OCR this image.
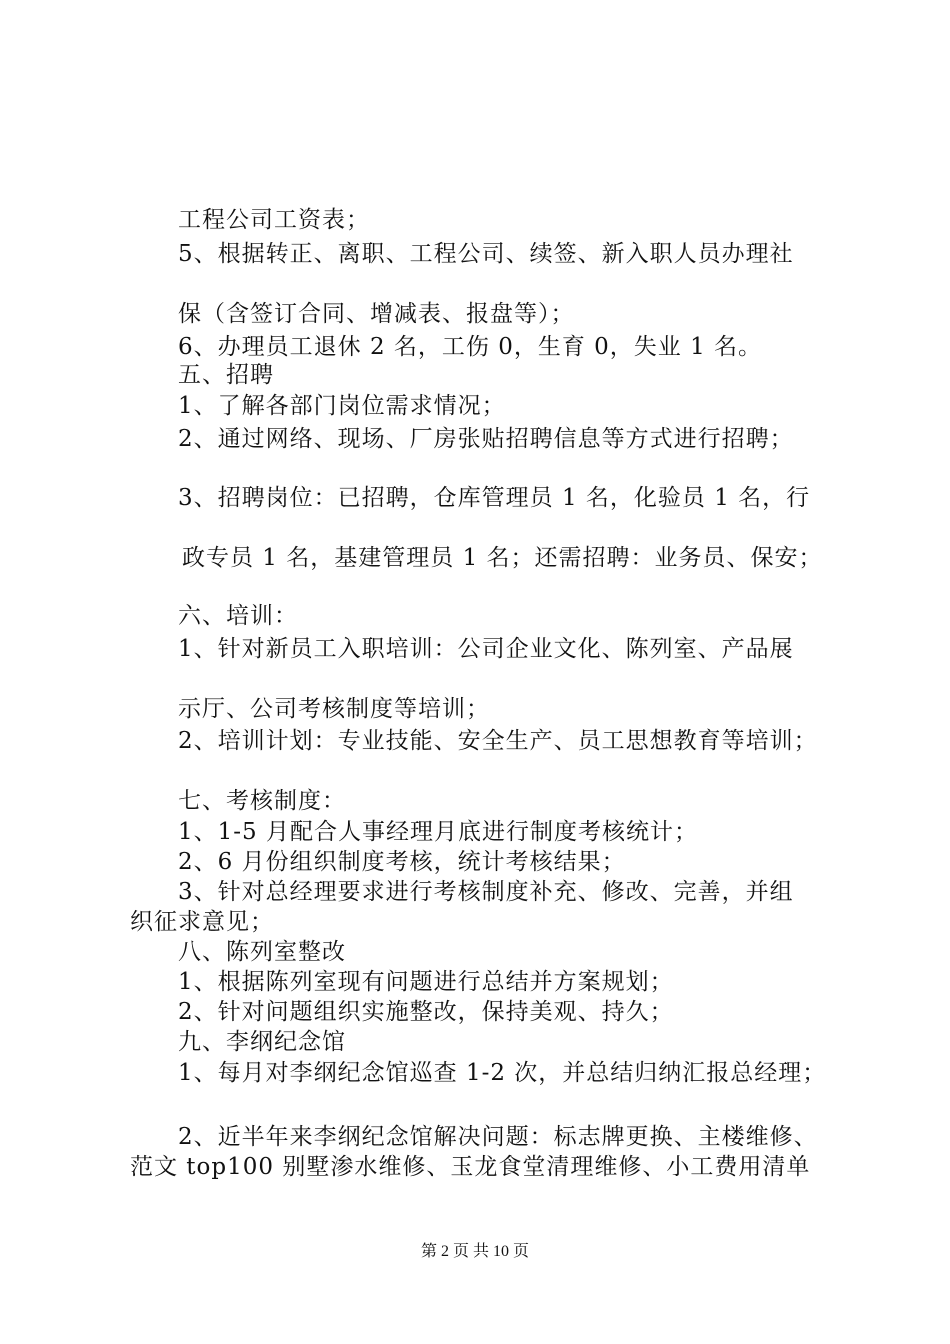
工程公司工资表；
5、根据转正、离职、工程公司、续签、新入职人员办理社
保（含签订合同、增减表、报盘等）；
6、办理员工退休 2 名，工伤 0，生育 0，失业 1 名。
五、招聘
1、了解各部门岗位需求情况；
2、通过网络、现场、厂房张贴招聘信息等方式进行招聘；
3、招聘岗位：已招聘，仓库管理员 1 名，化验员 1 名，行
政专员 1 名，基建管理员 1 名；还需招聘：业务员、保安；
六、培训：
1、针对新员工入职培训：公司企业文化、陈列室、产品展
示厅、公司考核制度等培训；
2、培训计划：专业技能、安全生产、员工思想教育等培训；
七、考核制度：
1、1-5 月配合人事经理月底进行制度考核统计；
2、6 月份组织制度考核，统计考核结果；
3、针对总经理要求进行考核制度补充、修改、完善，并组
织征求意见；
八、陈列室整改
1、根据陈列室现有问题进行总结并方案规划；
2、针对问题组织实施整改，保持美观、持久；
九、李纲纪念馆
1、每月对李纲纪念馆巡查 1-2 次，并总结归纳汇报总经理；
2、近半年来李纲纪念馆解决问题：标志牌更换、主楼维修、
范文 top100 别墅渗水维修、玉龙食堂清理维修、小工费用清单
第 2 页 共 10 页
